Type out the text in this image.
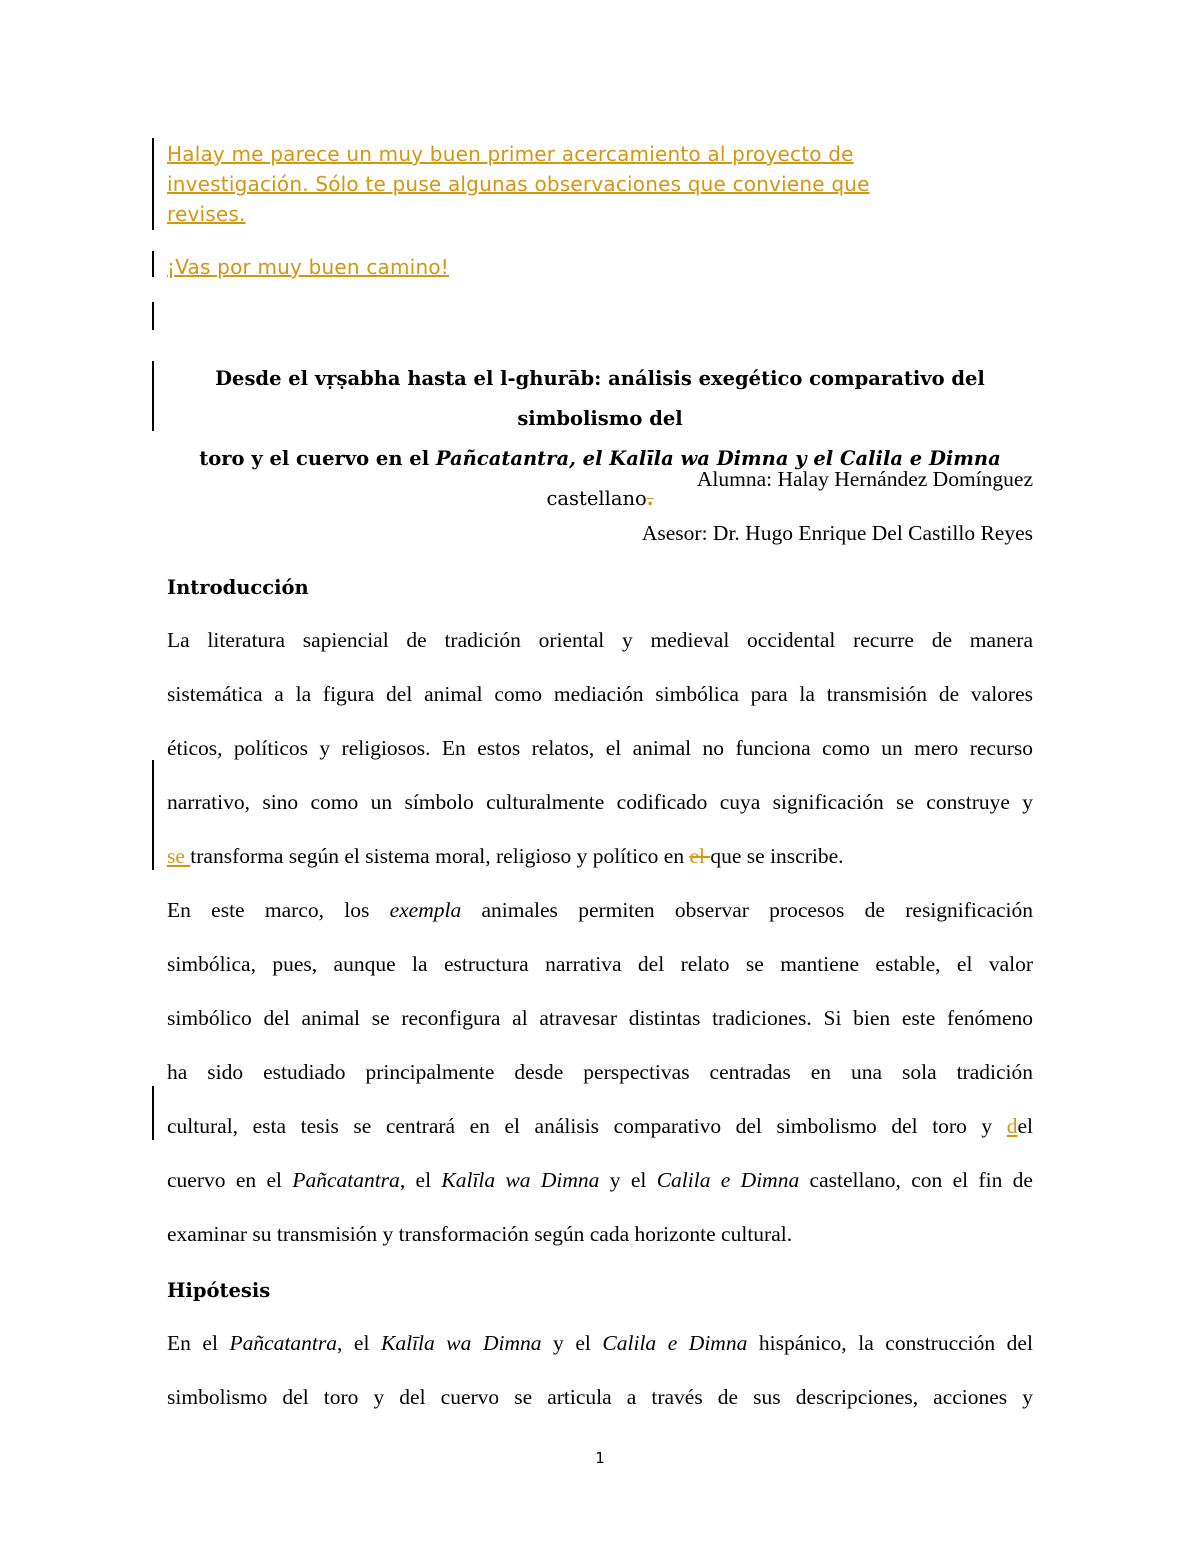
Halay me parece un muy buen primer acercamiento al proyecto de
investigación. Sólo te puse algunas observaciones que conviene que
revises.
¡Vas por muy buen camino!
Desde el vṛṣabha hasta el l-ghurāb: análisis exegético comparativo del simbolismo del
toro y el cuervo en el Pañcatantra, el Kalīla wa Dimna y el Calila e Dimna castellano.
Alumna: Halay Hernández Domínguez
Asesor: Dr. Hugo Enrique Del Castillo Reyes
Introducción
La literatura sapiencial de tradición oriental y medieval occidental recurre de manera
sistemática a la figura del animal como mediación simbólica para la transmisión de valores
éticos, políticos y religiosos. En estos relatos, el animal no funciona como un mero recurso
narrativo, sino como un símbolo culturalmente codificado cuya significación se construye y
se transforma según el sistema moral, religioso y político en el que se inscribe.
En este marco, los exempla animales permiten observar procesos de resignificación
simbólica, pues, aunque la estructura narrativa del relato se mantiene estable, el valor
simbólico del animal se reconfigura al atravesar distintas tradiciones. Si bien este fenómeno
ha sido estudiado principalmente desde perspectivas centradas en una sola tradición
cultural, esta tesis se centrará en el análisis comparativo del simbolismo del toro y del
cuervo en el Pañcatantra, el Kalīla wa Dimna y el Calila e Dimna castellano, con el fin de
examinar su transmisión y transformación según cada horizonte cultural.
Hipótesis
En el Pañcatantra, el Kalīla wa Dimna y el Calila e Dimna hispánico, la construcción del
simbolismo del toro y del cuervo se articula a través de sus descripciones, acciones y
1
